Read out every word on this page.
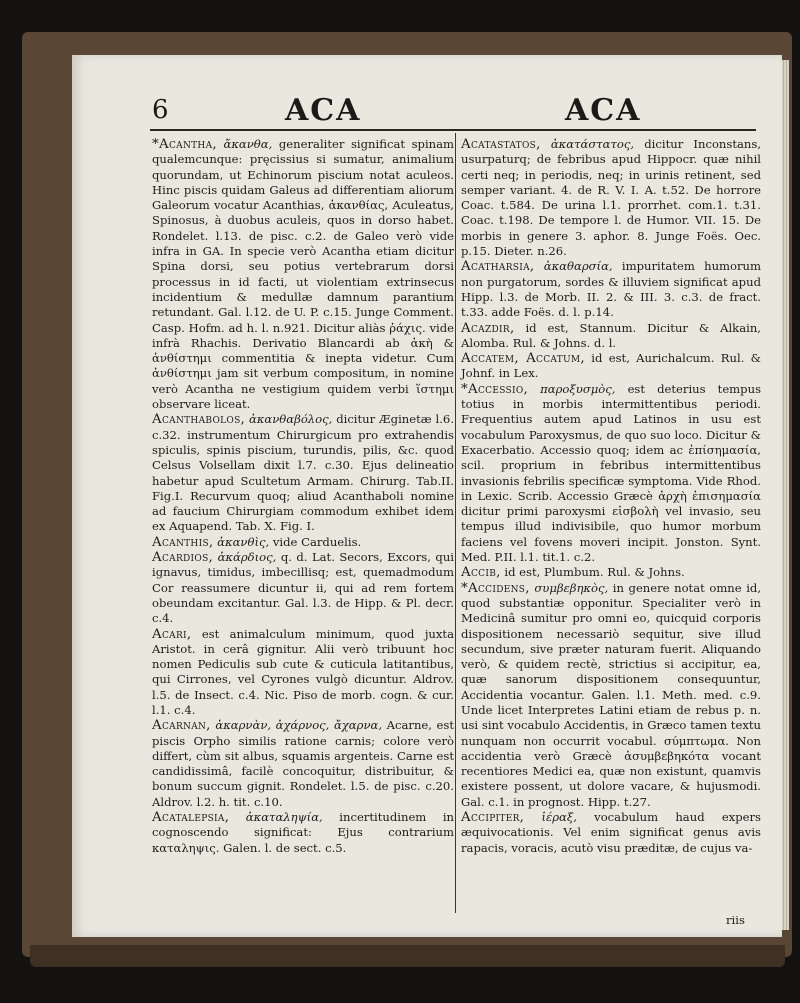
6	ACA	ACA
*Acantha, ἄκανθα, generaliter significat spinam qualemcunque: pręcissius si sumatur, animalium quorundam, ut Echinorum piscium notat aculeos. Hinc piscis quidam Galeus ad differentiam aliorum Galeorum vocatur Acanthias, ἀκανθίας, Aculeatus, Spinosus, à duobus aculeis, quos in dorso habet. Rondelet. l.13. de pisc. c.2. de Galeo verò vide infra in GA. In specie verò Acantha etiam dicitur Spina dorsi, seu potius vertebrarum dorsi processus in id facti, ut violentiam extrinsecus incidentium & medullæ damnum parantium retundant. Gal. l.12. de U. P. c.15. Junge Comment. Casp. Hofm. ad h. l. n.921. Dicitur aliàs ῥάχις. vide infrà Rhachis. Derivatio Blancardi ab ἀκὴ & ἀνθίστημι commentitia & inepta videtur. Cum ἀνθίστημι jam sit verbum compositum, in nomine verò Acantha ne vestigium quidem verbi ἵστημι observare liceat.
Acanthabolos, ἀκανθαβόλος, dicitur Æginetæ l.6. c.32. instrumentum Chirurgicum pro extrahendis spiculis, spinis piscium, turundis, pilis, &c. quod Celsus Volsellam dixit l.7. c.30. Ejus delineatio habetur apud Scultetum Armam. Chirurg. Tab.II. Fig.I. Recurvum quoq; aliud Acanthaboli nomine ad faucium Chirurgiam commodum exhibet idem ex Aquapend. Tab. X. Fig. I.
Acanthis, ἀκανθὶς, vide Carduelis.
Acardios, ἀκάρδιος, q. d. Lat. Secors, Excors, qui ignavus, timidus, imbecillisq; est, quemadmodum Cor reassumere dicuntur ii, qui ad rem fortem obeundam excitantur. Gal. l.3. de Hipp. & Pl. decr. c.4.
Acari, est animalculum minimum, quod juxta Aristot. in cerâ gignitur. Alii verò tribuunt hoc nomen Pediculis sub cute & cuticula latitantibus, qui Cirrones, vel Cyrones vulgò dicuntur. Aldrov. l.5. de Insect. c.4. Nic. Piso de morb. cogn. & cur. l.1. c.4.
Acarnan, ἀκαρνὰν, ἀχάρνος, ἄχαρνα, Acarne, est piscis Orpho similis ratione carnis; colore verò differt, cùm sit albus, squamis argenteis. Carne est candidissimâ, facilè concoquitur, distribuitur, & bonum succum gignit. Rondelet. l.5. de pisc. c.20. Aldrov. l.2. h. tit. c.10.
Acatalepsia, ἀκαταληψία, incertitudinem in cognoscendo significat: Ejus contrarium καταληψις. Galen. l. de sect. c.5.
Acatastatos, ἀκατάστατος, dicitur Inconstans, usurpaturq; de febribus apud Hippocr. quæ nihil certi neq; in periodis, neq; in urinis retinent, sed semper variant. 4. de R. V. I. A. t.52. De horrore Coac. t.584. De urina l.1. prorrhet. com.1. t.31. Coac. t.198. De tempore l. de Humor. VII. 15. De morbis in genere 3. aphor. 8. Junge Foës. Oec. p.15. Dieter. n.26.
Acatharsia, ἀκαθαρσία, impuritatem humorum non purgatorum, sordes & illuviem significat apud Hipp. l.3. de Morb. II. 2. & III. 3. c.3. de fract. t.33. adde Foës. d. l. p.14.
Acazdir, id est, Stannum. Dicitur & Alkain, Alomba. Rul. & Johns. d. l.
Accatem, Accatum, id est, Aurichalcum. Rul. & Johnf. in Lex.
*Accessio, παροξυσμὸς, est deterius tempus totius in morbis intermittentibus periodi. Frequentius autem apud Latinos in usu est vocabulum Paroxysmus, de quo suo loco. Dicitur & Exacerbatio. Accessio quoq; idem ac ἐπίσημασία, scil. proprium in febribus intermittentibus invasionis febrilis specificæ symptoma. Vide Rhod. in Lexic. Scrib. Accessio Græcè ἀρχὴ ἐπισημασία dicitur primi paroxysmi εἰσβολὴ vel invasio, seu tempus illud indivisibile, quo humor morbum faciens vel fovens moveri incipit. Jonston. Synt. Med. P.II. l.1. tit.1. c.2.
Accib, id est, Plumbum. Rul. & Johns.
*Accidens, συμβεβηκὸς, in genere notat omne id, quod substantiæ opponitur. Specialiter verò in Medicinâ sumitur pro omni eo, quicquid corporis dispositionem necessariò sequitur, sive illud secundum, sive præter naturam fuerit. Aliquando verò, & quidem rectè, strictius si accipitur, ea, quæ sanorum dispositionem consequuntur, Accidentia vocantur. Galen. l.1. Meth. med. c.9. Unde licet Interpretes Latini etiam de rebus p. n. usi sint vocabulo Accidentis, in Græco tamen textu nunquam non occurrit vocabul. σύμπτωμα. Non accidentia verò Græcè ἀσυμβεβηκότα vocant recentiores Medici ea, quæ non existunt, quamvis existere possent, ut dolore vacare, & hujusmodi. Gal. c.1. in prognost. Hipp. t.27.
Accipiter, ἱέραξ, vocabulum haud expers æquivocationis. Vel enim significat genus avis rapacis, voracis, acutò visu præditæ, de cujus va-
riis
